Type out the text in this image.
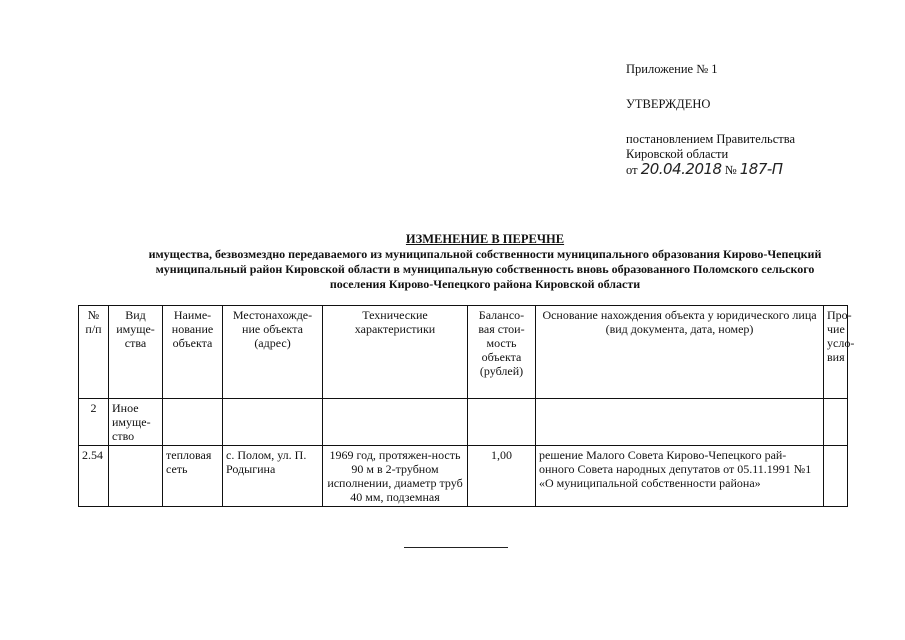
Приложение № 1
УТВЕРЖДЕНО
постановлением Правительства
Кировской области
от 20.04.2018 № 187-П
ИЗМЕНЕНИЕ В ПЕРЕЧНЕ
имущества, безвозмездно передаваемого из муниципальной собственности муниципального образования Кирово-Чепецкий
муниципальный район Кировской области в муниципальную собственность вновь образованного Поломского сельского
поселения Кирово-Чепецкого района Кировской области
№ п/п	Вид имуще-ства	Наиме-нование объекта	Местонахожде-ние объекта (адрес)	Технические характеристики	Балансо-вая стои-мость объекта (рублей)	Основание нахождения объекта у юридического лица (вид документа, дата, номер)	Про-чие усло-вия
2	Иное имуще-ство						
2.54		тепловая сеть	с. Полом, ул. П. Родыгина	1969 год, протяжен-ность 90 м в 2-трубном исполнении, диаметр труб 40 мм, подземная	1,00	решение Малого Совета Кирово-Чепецкого рай-онного Совета народных депутатов от 05.11.1991 №1 «О муниципальной собственности района»	
